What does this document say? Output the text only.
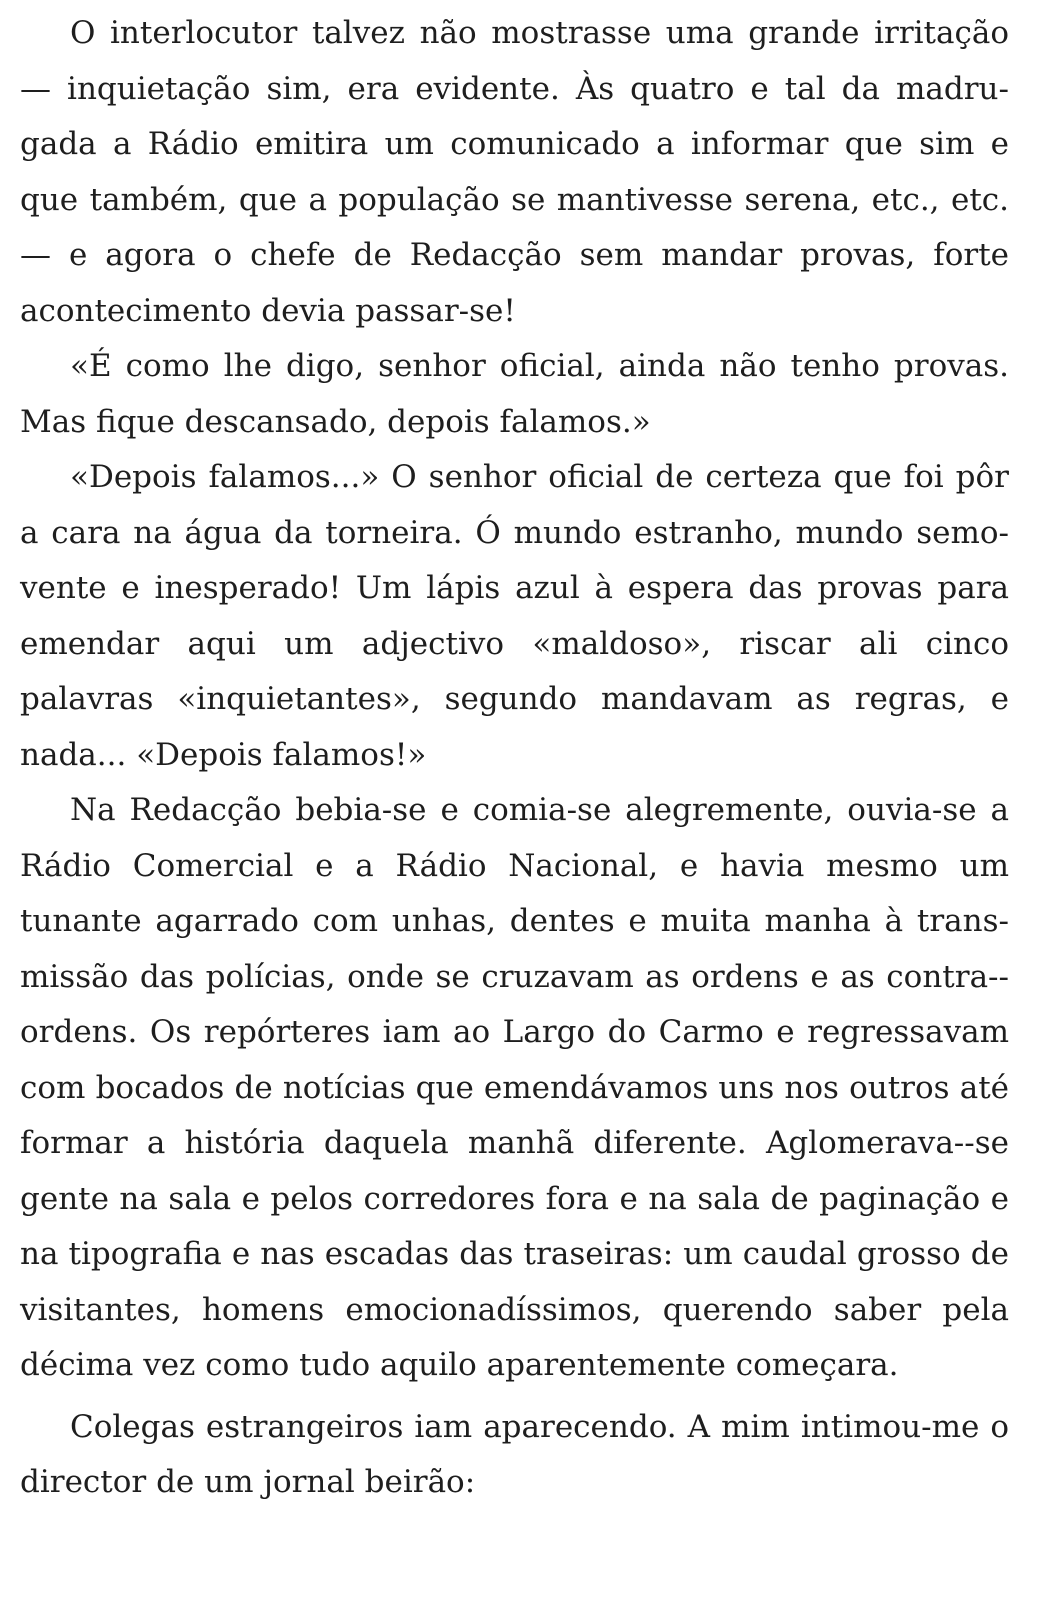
O interlocutor talvez não mostrasse uma grande irritação — inquietação sim, era evidente. Às quatro e tal da madrugada a Rádio emitira um comunicado a informar que sim e que também, que a população se mantivesse serena, etc., etc. — e agora o chefe de Redacção sem mandar provas, forte acontecimento devia passar-se!

«É como lhe digo, senhor oficial, ainda não tenho provas. Mas fique descansado, depois falamos.»

«Depois falamos...» O senhor oficial de certeza que foi pôr a cara na água da torneira. Ó mundo estranho, mundo semovente e inesperado! Um lápis azul à espera das provas para emendar aqui um adjectivo «maldoso», riscar ali cinco palavras «inquietantes», segundo mandavam as regras, e nada... «Depois falamos!»

Na Redacção bebia-se e comia-se alegremente, ouvia-se a Rádio Comercial e a Rádio Nacional, e havia mesmo um tunante agarrado com unhas, dentes e muita manha à transmissão das polícias, onde se cruzavam as ordens e as contra--ordens. Os repórteres iam ao Largo do Carmo e regressavam com bocados de notícias que emendávamos uns nos outros até formar a história daquela manhã diferente. Aglomerava--se gente na sala e pelos corredores fora e na sala de paginação e na tipografia e nas escadas das traseiras: um caudal grosso de visitantes, homens emocionadíssimos, querendo saber pela décima vez como tudo aquilo aparentemente começara.

Colegas estrangeiros iam aparecendo. A mim intimou-me o director de um jornal beirão:
